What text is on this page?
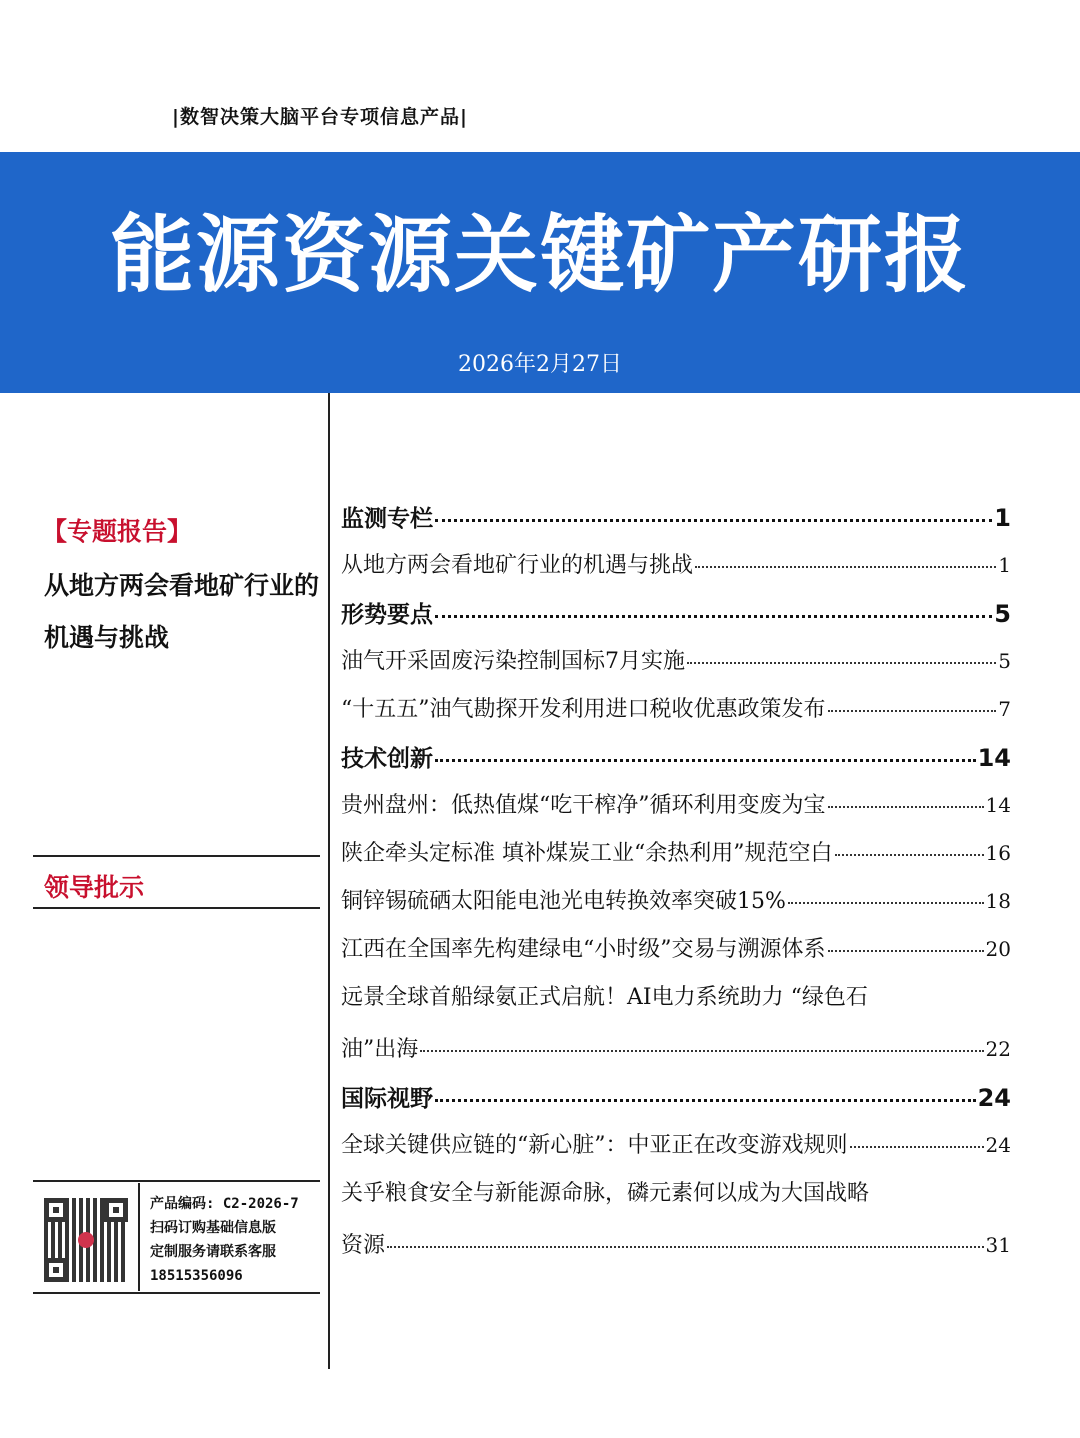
|数智决策大脑平台专项信息产品|
能源资源关键矿产研报
2026年2月27日
【专题报告】
从地方两会看地矿行业的机遇与挑战
领导批示
产品编码: C2-2026-7
扫码订购基础信息版
定制服务请联系客服
18515356096
监测专栏	1
从地方两会看地矿行业的机遇与挑战	1
形势要点	5
油气开采固废污染控制国标7月实施	5
“十五五”油气勘探开发利用进口税收优惠政策发布	7
技术创新	14
贵州盘州：低热值煤“吃干榨净”循环利用变废为宝	14
陕企牵头定标准 填补煤炭工业“余热利用”规范空白	16
铜锌锡硫硒太阳能电池光电转换效率突破15%	18
江西在全国率先构建绿电“小时级”交易与溯源体系	20
远景全球首船绿氨正式启航！AI电力系统助力 “绿色石
油”出海	22
国际视野	24
全球关键供应链的“新心脏”：中亚正在改变游戏规则	24
关乎粮食安全与新能源命脉，磷元素何以成为大国战略
资源	31
